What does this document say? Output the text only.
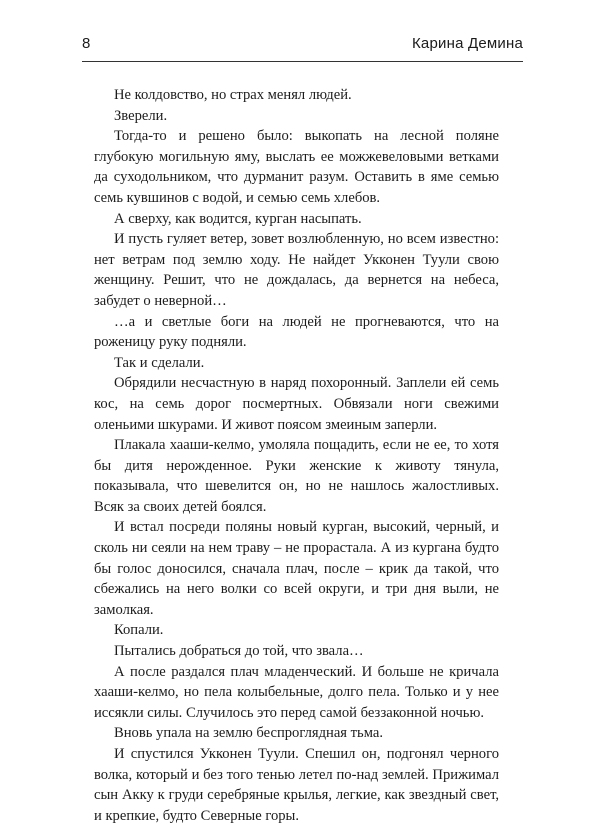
8	Карина Демина

Не колдовство, но страх менял людей.

Зверели.

Тогда-то и решено было: выкопать на лесной поляне глубокую могильную яму, выслать ее можжевеловыми ветками да суходольником, что дурманит разум. Оставить в яме семью семь кувшинов с водой, и семью семь хлебов.

А сверху, как водится, курган насыпать.

И пусть гуляет ветер, зовет возлюбленную, но всем известно: нет ветрам под землю ходу. Не найдет Укконен Туули свою женщину. Решит, что не дождалась, да вернется на небеса, забудет о неверной…

…а и светлые боги на людей не прогневаются, что на роженицу руку подняли.

Так и сделали.

Обрядили несчастную в наряд похоронный. Заплели ей семь кос, на семь дорог посмертных. Обвязали ноги свежими оленьими шкурами. И живот поясом змеиным заперли.

Плакала хааши-келмо, умоляла пощадить, если не ее, то хотя бы дитя нерожденное. Руки женские к животу тянула, показывала, что шевелится он, но не нашлось жалостливых. Всяк за своих детей боялся.

И встал посреди поляны новый курган, высокий, черный, и сколь ни сеяли на нем траву – не прорастала. А из кургана будто бы голос доносился, сначала плач, после – крик да такой, что сбежались на него волки со всей округи, и три дня выли, не замолкая.

Копали.

Пытались добраться до той, что звала…

А после раздался плач младенческий. И больше не кричала хааши-келмо, но пела колыбельные, долго пела. Только и у нее иссякли силы. Случилось это перед самой беззаконной ночью.

Вновь упала на землю беспроглядная тьма.

И спустился Укконен Туули. Спешил он, подгонял черного волка, который и без того тенью летел по-над землей. Прижимал сын Акку к груди серебряные крылья, легкие, как звездный свет, и крепкие, будто Северные горы.
